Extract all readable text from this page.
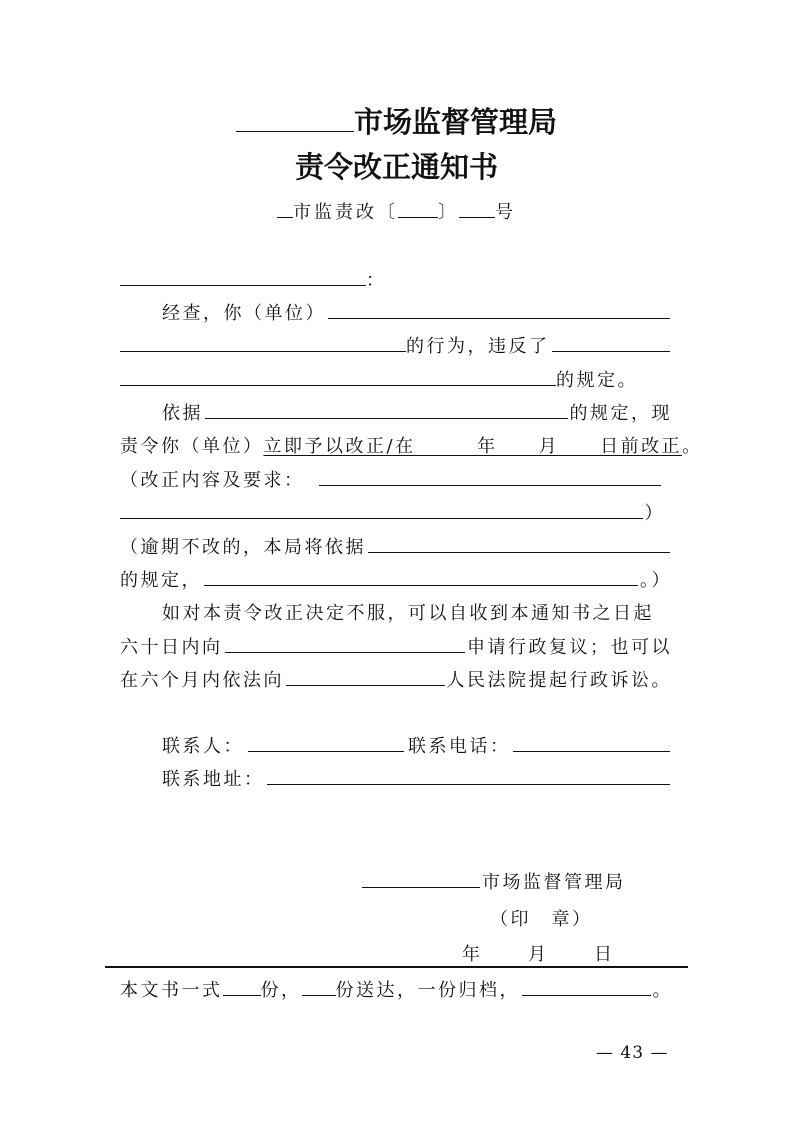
市场监督管理局
责令改正通知书
市监责改〔 〕 号
：
经查，你（单位）
的行为，违反了
的规定。
依据	的规定，现
责令你（单位） 立即予以改正/在　　　年　　月　　日前改正 。
（改正内容及要求：
）
（逾期不改的，本局将依据
的规定，	。）
如对本责令改正决定不服，可以自收到本通知书之日起
六十日内向	申请行政复议；也可以
在六个月内依法向	人民法院提起行政诉讼。
联系人：	联系电话：
联系地址：
市场监督管理局
（印　章）
年　　月　　日
本文书一式 份， 份送达，一份归档，	。
— 43 —
